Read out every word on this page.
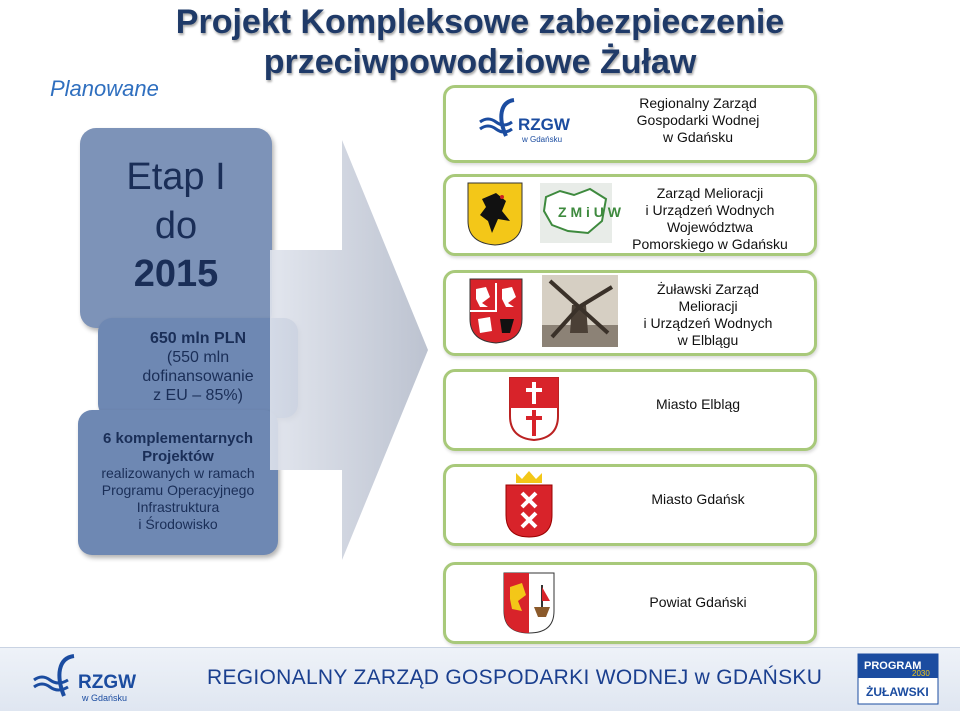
Projekt Kompleksowe zabezpieczenie przeciwpowodziowe Żuław
Planowane
Etap I
do
2015
650 mln PLN
(550 mln
dofinansowanie
z EU – 85%)
6 komplementarnych
Projektów
realizowanych w ramach
Programu Operacyjnego
Infrastruktura
i Środowisko
RZGW
w Gdańsku
Regionalny Zarząd
Gospodarki Wodnej
w Gdańsku
Z M i U W
Zarząd Melioracji
i Urządzeń Wodnych
Województwa
Pomorskiego w Gdańsku
Żuławski Zarząd
Melioracji
i Urządzeń Wodnych
w Elblągu
Miasto Elbląg
Miasto Gdańsk
Powiat Gdański
RZGW
w Gdańsku
REGIONALNY ZARZĄD GOSPODARKI WODNEJ w GDAŃSKU	PROGRAM
2030
ŻUŁAWSKI
